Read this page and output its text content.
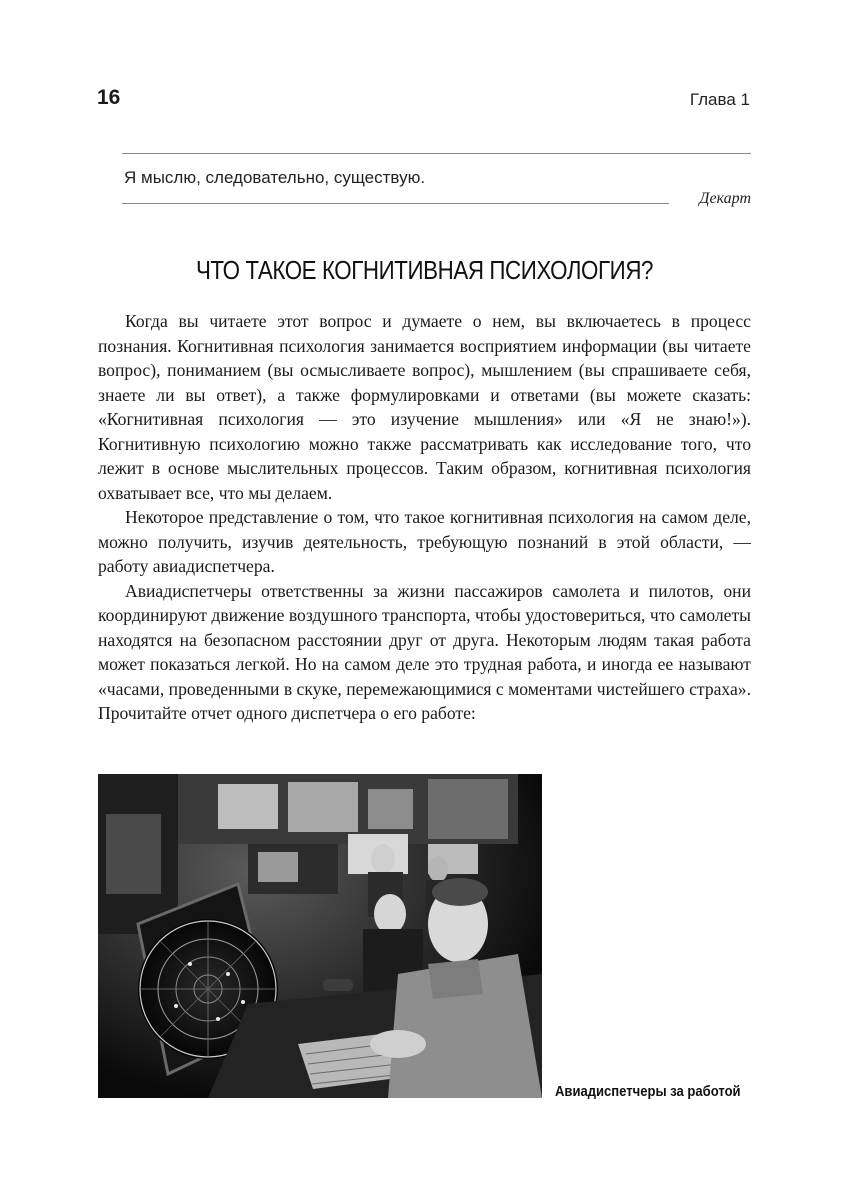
16	Глава 1
Я мыслю, следовательно, существую.
Декарт
ЧТО ТАКОЕ КОГНИТИВНАЯ ПСИХОЛОГИЯ?

Когда вы читаете этот вопрос и думаете о нем, вы включаетесь в процесс познания. Когнитивная психология занимается восприятием информации (вы читаете вопрос), пониманием (вы осмысливаете вопрос), мышлением (вы спрашиваете себя, знаете ли вы ответ), а также формулировками и ответами (вы можете сказать: «Когнитивная психология — это изучение мышления» или «Я не знаю!»). Когнитивную психологию можно также рассматривать как исследование того, что лежит в основе мыслительных процессов. Таким образом, когнитивная психология охватывает все, что мы делаем.

Некоторое представление о том, что такое когнитивная психология на самом деле, можно получить, изучив деятельность, требующую познаний в этой области, — работу авиадиспетчера.

Авиадиспетчеры ответственны за жизни пассажиров самолета и пилотов, они координируют движение воздушного транспорта, чтобы удостовериться, что самолеты находятся на безопасном расстоянии друг от друга. Некоторым людям такая работа может показаться легкой. Но на самом деле это трудная работа, и иногда ее называют «часами, проведенными в скуке, перемежающимися с моментами чистейшего страха». Прочитайте отчет одного диспетчера о его работе:

Авиадиспетчеры за работой
